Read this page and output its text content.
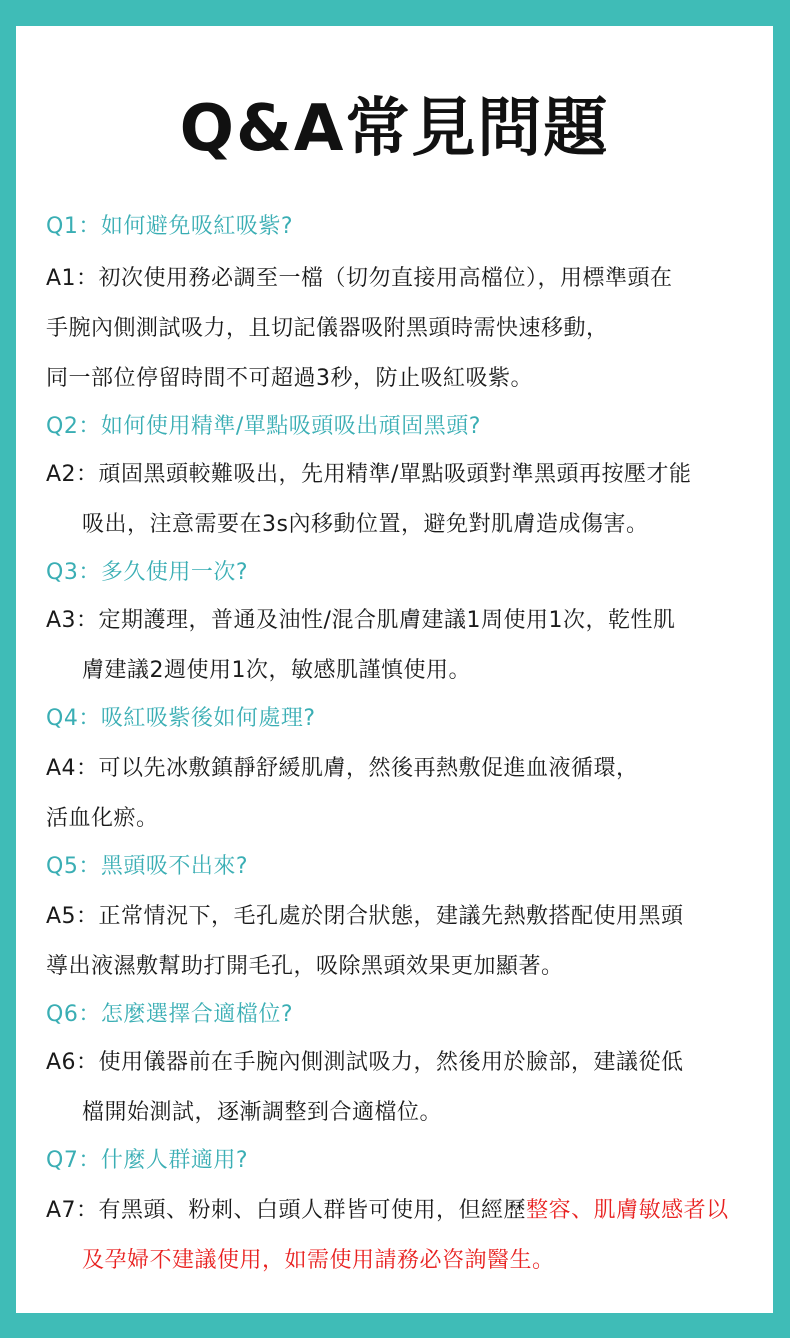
Q&A常見問題
Q1：如何避免吸紅吸紫?
A1：初次使用務必調至一檔（切勿直接用高檔位），用標準頭在
手腕內側測試吸力，且切記儀器吸附黑頭時需快速移動，
同一部位停留時間不可超過3秒，防止吸紅吸紫。
Q2：如何使用精準/單點吸頭吸出頑固黑頭?
A2：頑固黑頭較難吸出，先用精準/單點吸頭對準黑頭再按壓才能
吸出，注意需要在3s內移動位置，避免對肌膚造成傷害。
Q3：多久使用一次?
A3：定期護理，普通及油性/混合肌膚建議1周使用1次，乾性肌
膚建議2週使用1次，敏感肌謹慎使用。
Q4：吸紅吸紫後如何處理?
A4：可以先冰敷鎮靜舒緩肌膚，然後再熱敷促進血液循環，
活血化瘀。
Q5：黑頭吸不出來?
A5：正常情況下，毛孔處於閉合狀態，建議先熱敷搭配使用黑頭
導出液濕敷幫助打開毛孔，吸除黑頭效果更加顯著。
Q6：怎麼選擇合適檔位?
A6：使用儀器前在手腕內側測試吸力，然後用於臉部，建議從低
檔開始測試，逐漸調整到合適檔位。
Q7：什麼人群適用?
A7：有黑頭、粉刺、白頭人群皆可使用，但經歷整容、肌膚敏感者以
及孕婦不建議使用，如需使用請務必咨詢醫生。
